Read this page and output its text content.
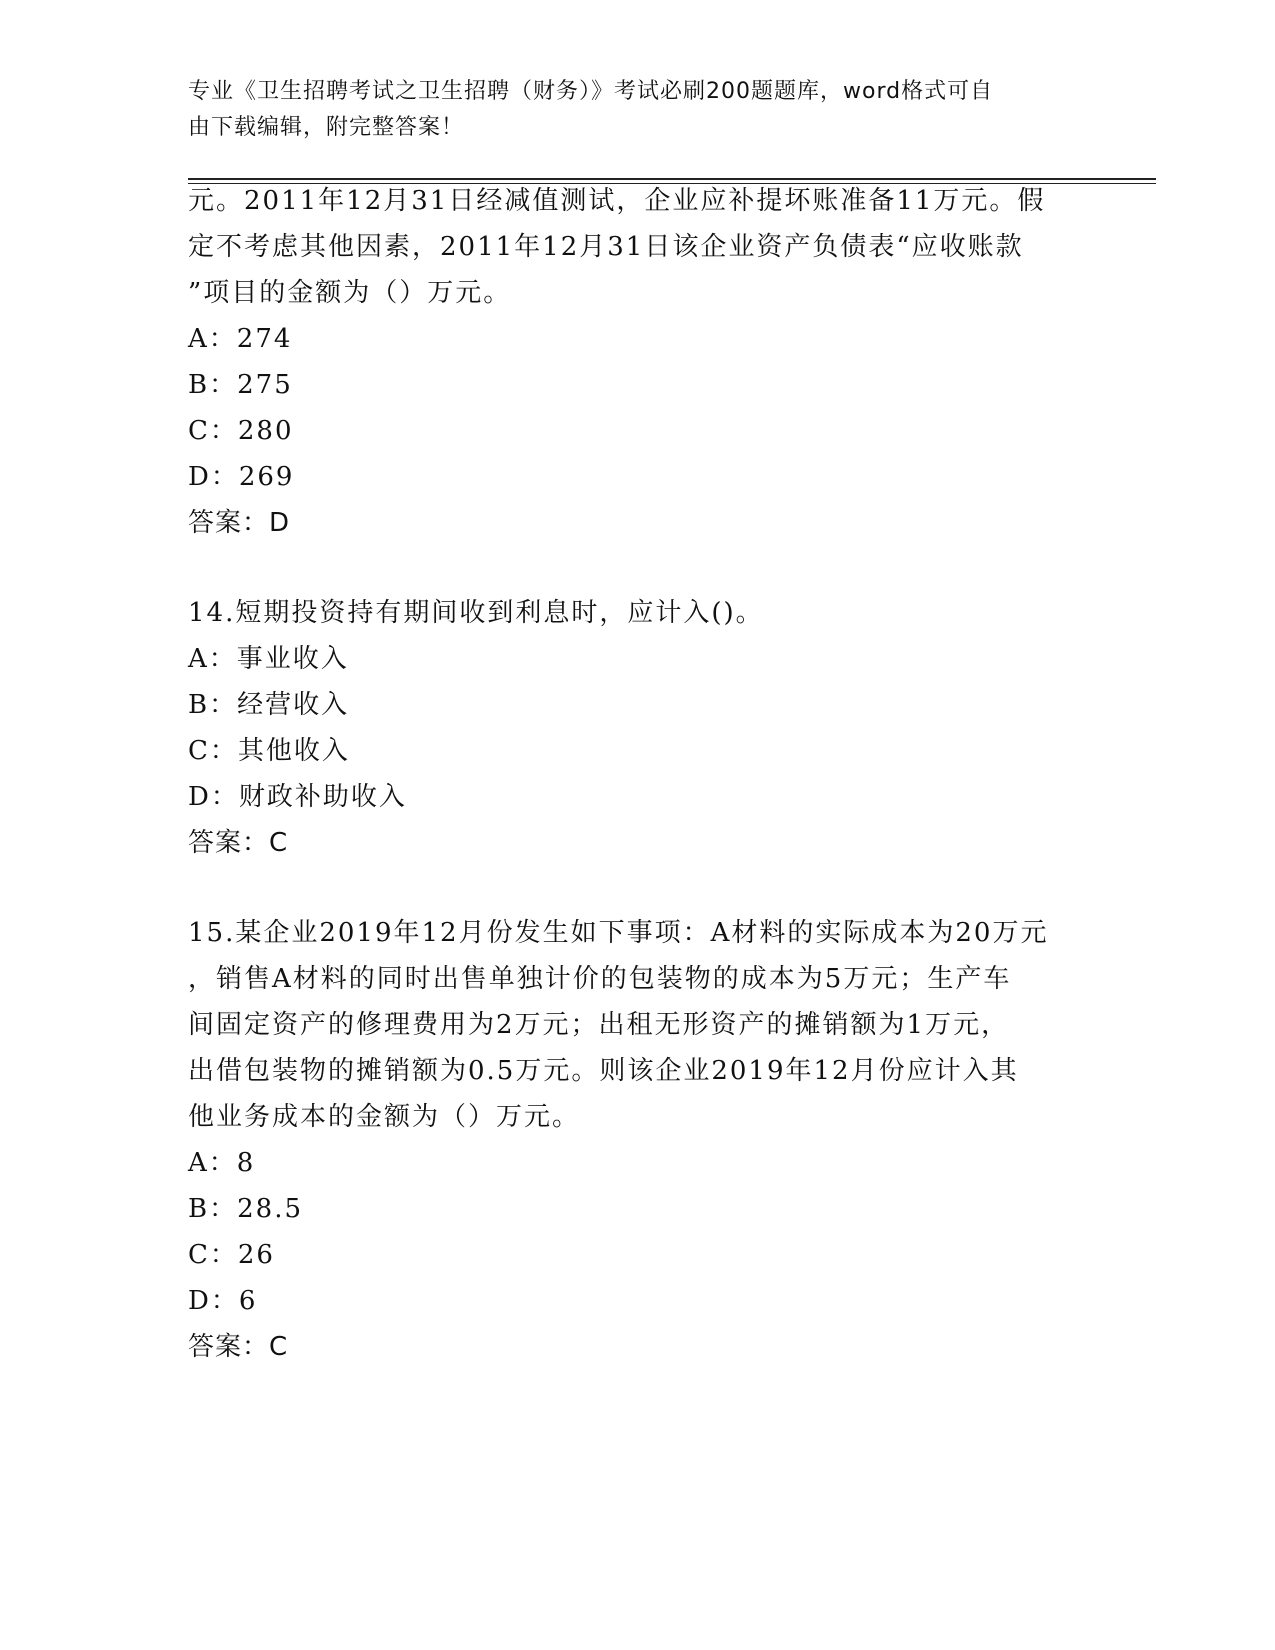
专业《卫生招聘考试之卫生招聘（财务）》考试必刷200题题库，word格式可自
由下载编辑，附完整答案！
元。2011年12月31日经减值测试，企业应补提坏账准备11万元。假
定不考虑其他因素，2011年12月31日该企业资产负债表“应收账款
”项目的金额为（）万元。
A：274
B：275
C：280
D：269
答案：D
14.短期投资持有期间收到利息时，应计入()。
A：事业收入
B：经营收入
C：其他收入
D：财政补助收入
答案：C
15.某企业2019年12月份发生如下事项：A材料的实际成本为20万元
，销售A材料的同时出售单独计价的包装物的成本为5万元；生产车
间固定资产的修理费用为2万元；出租无形资产的摊销额为1万元，
出借包装物的摊销额为0.5万元。则该企业2019年12月份应计入其
他业务成本的金额为（）万元。
A：8
B：28.5
C：26
D：6
答案：C
